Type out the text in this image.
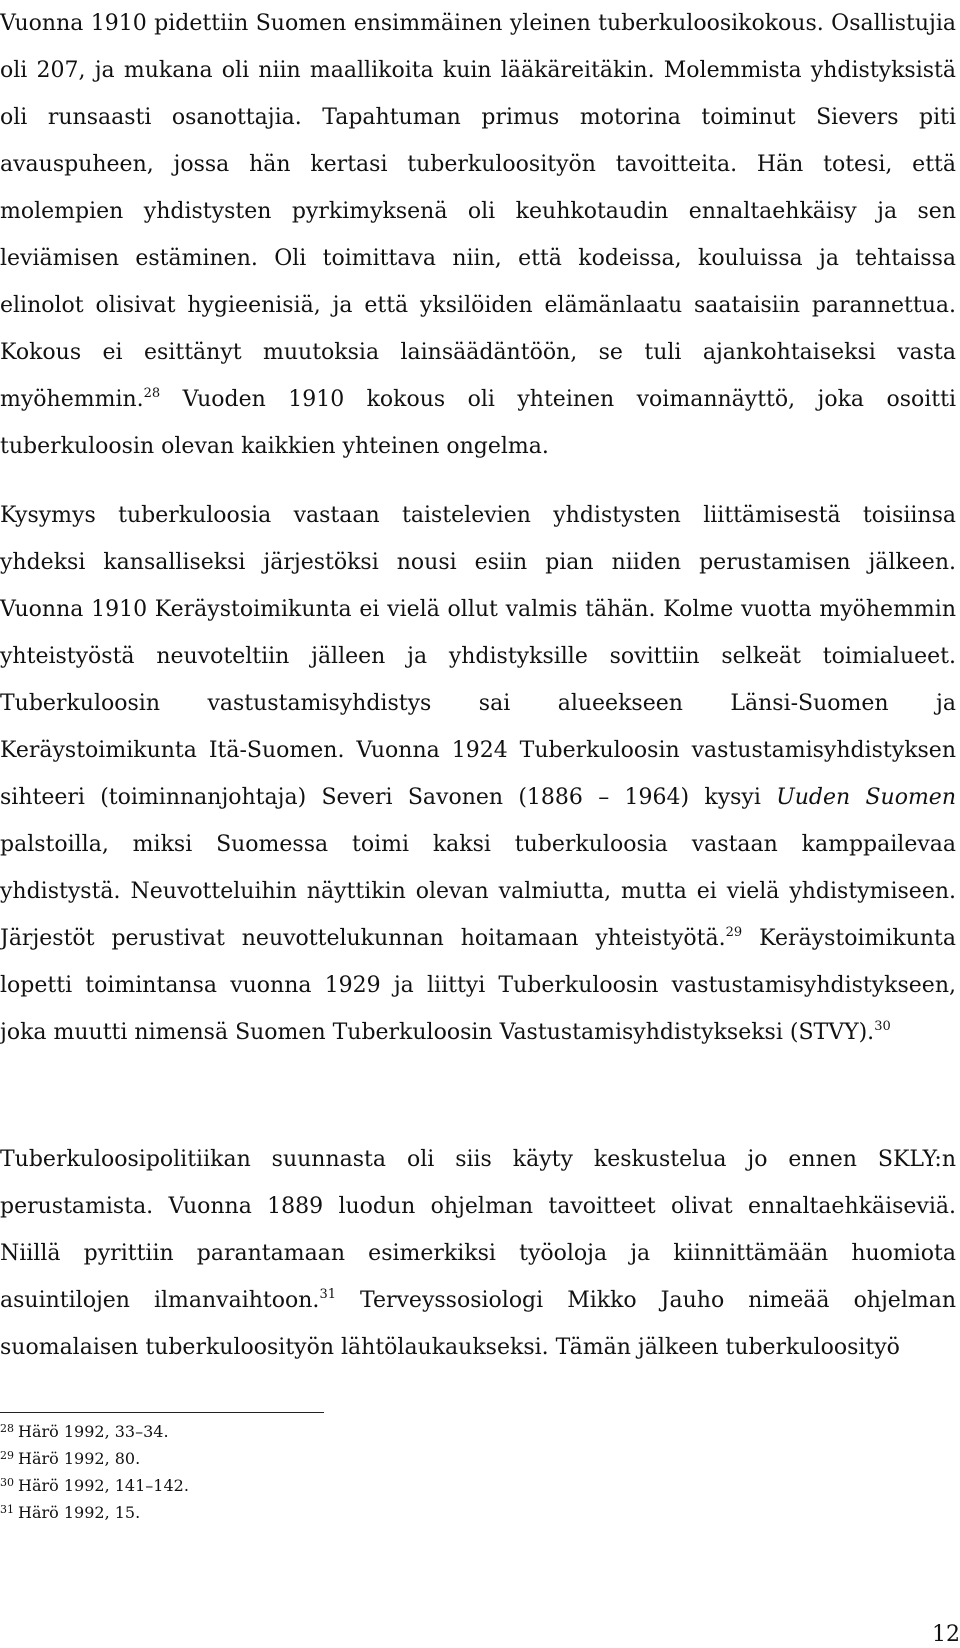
Vuonna 1910 pidettiin Suomen ensimmäinen yleinen tuberkuloosikokous. Osallistujia oli 207, ja mukana oli niin maallikoita kuin lääkäreitäkin. Molemmista yhdistyksistä oli runsaasti osanottajia. Tapahtuman primus motorina toiminut Sievers piti avauspuheen, jossa hän kertasi tuberkuloosityön tavoitteita. Hän totesi, että molempien yhdistysten pyrkimyksenä oli keuhkotaudin ennaltaehkäisy ja sen leviämisen estäminen. Oli toimittava niin, että kodeissa, kouluissa ja tehtaissa elinolot olisivat hygieenisiä, ja että yksilöiden elämänlaatu saataisiin parannettua. Kokous ei esittänyt muutoksia lainsäädäntöön, se tuli ajankohtaiseksi vasta myöhemmin.$^{28}$ Vuoden 1910 kokous oli yhteinen voimannäyttö, joka osoitti tuberkuloosin olevan kaikkien yhteinen ongelma.

Kysymys tuberkuloosia vastaan taistelevien yhdistysten liittämisestä toisiinsa yhdeksi kansalliseksi järjestöksi nousi esiin pian niiden perustamisen jälkeen. Vuonna 1910 Keräystoimikunta ei vielä ollut valmis tähän. Kolme vuotta myöhemmin yhteistyöstä neuvoteltiin jälleen ja yhdistyksille sovittiin selkeät toimialueet. Tuberkuloosin vastustamisyhdistys sai alueekseen Länsi-Suomen ja Keräystoimikunta Itä-Suomen. Vuonna 1924 Tuberkuloosin vastustamisyhdistyksen sihteeri (toiminnanjohtaja) Severi Savonen (1886 – 1964) kysyi Uuden Suomen palstoilla, miksi Suomessa toimi kaksi tuberkuloosia vastaan kamppailevaa yhdistystä. Neuvotteluihin näyttikin olevan valmiutta, mutta ei vielä yhdistymiseen. Järjestöt perustivat neuvottelukunnan hoitamaan yhteistyötä.$^{29}$ Keräystoimikunta lopetti toimintansa vuonna 1929 ja liittyi Tuberkuloosin vastustamisyhdistykseen, joka muutti nimensä Suomen Tuberkuloosin Vastustamisyhdistykseksi (STVY).$^{30}$

Tuberkuloosipolitiikan suunnasta oli siis käyty keskustelua jo ennen SKLY:n perustamista. Vuonna 1889 luodun ohjelman tavoitteet olivat ennaltaehkäiseviä. Niillä pyrittiin parantamaan esimerkiksi työoloja ja kiinnittämään huomiota asuintilojen ilmanvaihtoon.$^{31}$ Terveyssosiologi Mikko Jauho nimeää ohjelman suomalaisen tuberkuloosityön lähtölaukaukseksi. Tämän jälkeen tuberkuloosityö

$^{28}$ Härö 1992, 33–34.
$^{29}$ Härö 1992, 80.
$^{30}$ Härö 1992, 141–142.
$^{31}$ Härö 1992, 15.
12
